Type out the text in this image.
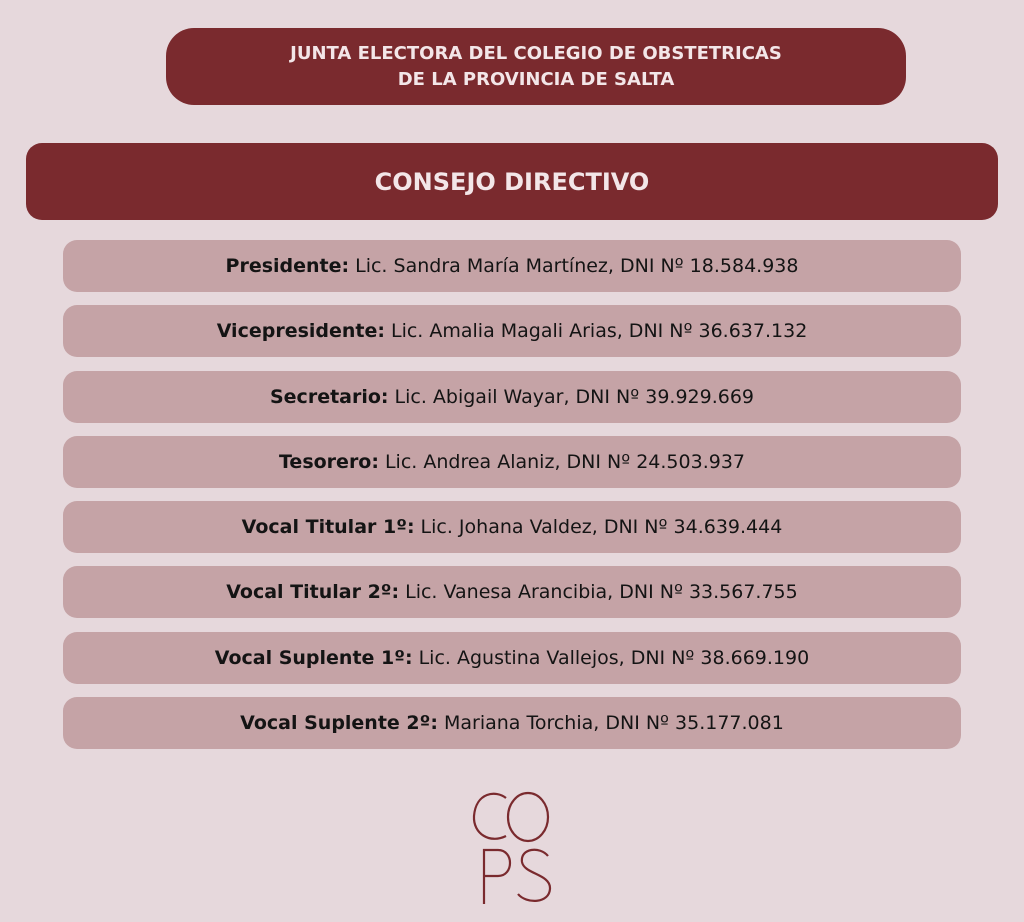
JUNTA ELECTORA DEL COLEGIO DE OBSTETRICAS
DE LA PROVINCIA DE SALTA
CONSEJO DIRECTIVO
Presidente: Lic. Sandra María Martínez, DNI Nº 18.584.938
Vicepresidente: Lic. Amalia Magali Arias, DNI Nº 36.637.132
Secretario: Lic. Abigail Wayar, DNI Nº 39.929.669
Tesorero: Lic. Andrea Alaniz, DNI Nº 24.503.937
Vocal Titular 1º: Lic. Johana Valdez, DNI Nº 34.639.444
Vocal Titular 2º: Lic. Vanesa Arancibia, DNI Nº 33.567.755
Vocal Suplente 1º: Lic. Agustina Vallejos, DNI Nº 38.669.190
Vocal Suplente 2º: Mariana Torchia, DNI Nº 35.177.081
